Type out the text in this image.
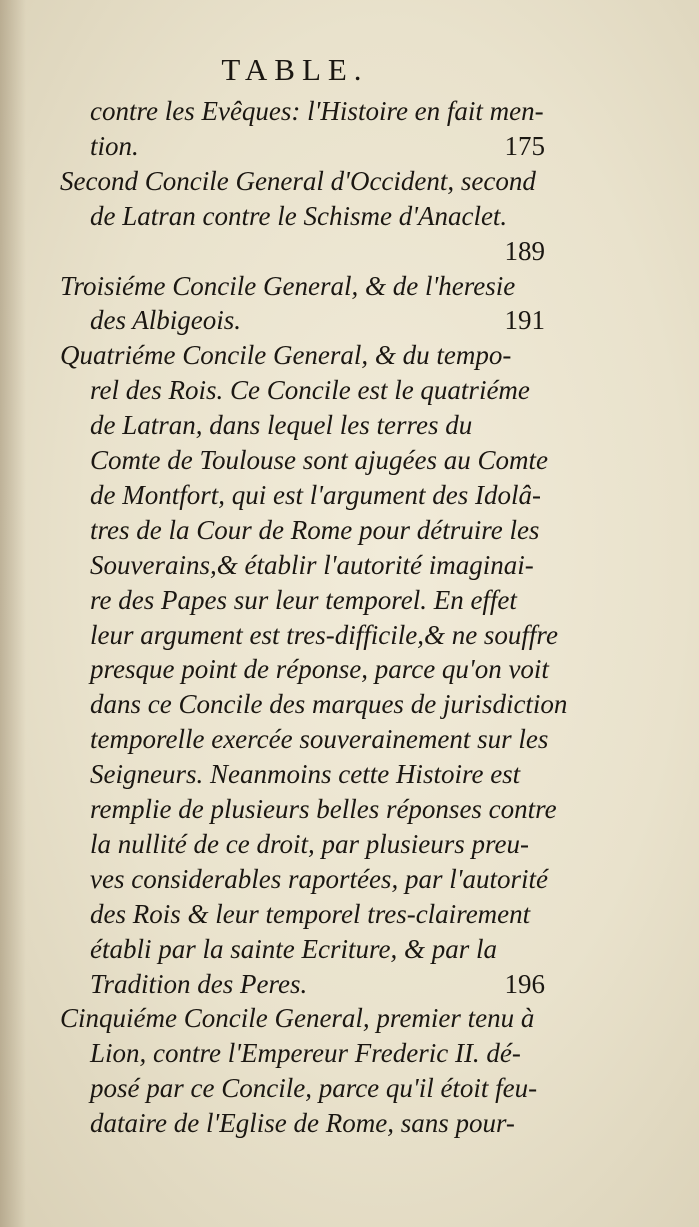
TABLE.
contre les Evêques: l'Histoire en fait men-
tion.	175
Second Concile General d'Occident, second
de Latran contre le Schisme d'Anaclet.
189
Troisiéme Concile General, & de l'heresie
des Albigeois.	191
Quatriéme Concile General, & du tempo-
rel des Rois. Ce Concile est le quatriéme
de Latran, dans lequel les terres du
Comte de Toulouse sont ajugées au Comte
de Montfort, qui est l'argument des Idolâ-
tres de la Cour de Rome pour détruire les
Souverains,& établir l'autorité imaginai-
re des Papes sur leur temporel. En effet
leur argument est tres-difficile,& ne souffre
presque point de réponse, parce qu'on voit
dans ce Concile des marques de jurisdiction
temporelle exercée souverainement sur les
Seigneurs. Neanmoins cette Histoire est
remplie de plusieurs belles réponses contre
la nullité de ce droit, par plusieurs preu-
ves considerables raportées, par l'autorité
des Rois & leur temporel tres-clairement
établi par la sainte Ecriture, & par la
Tradition des Peres.	196
Cinquiéme Concile General, premier tenu à
Lion, contre l'Empereur Frederic II. dé-
posé par ce Concile, parce qu'il étoit feu-
dataire de l'Eglise de Rome, sans pour-
